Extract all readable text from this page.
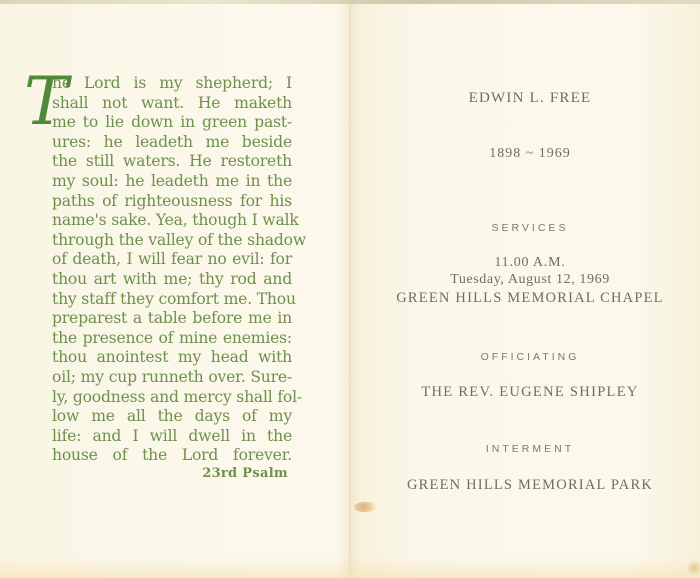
T
he Lord is my shepherd; I
shall not want. He maketh
me to lie down in green past-
ures: he leadeth me beside
the still waters. He restoreth
my soul: he leadeth me in the
paths of righteousness for his
name's sake. Yea, though I walk
through the valley of the shadow
of death, I will fear no evil: for
thou art with me; thy rod and
thy staff they comfort me. Thou
preparest a table before me in
the presence of mine enemies:
thou anointest my head with
oil; my cup runneth over. Sure-
ly, goodness and mercy shall fol-
low me all the days of my
life: and I will dwell in the
house of the Lord forever.
23rd Psalm
EDWIN L. FREE
1898 ~ 1969
SERVICES
11.00 A.M.
Tuesday, August 12, 1969
GREEN HILLS MEMORIAL CHAPEL
OFFICIATING
THE REV. EUGENE SHIPLEY
INTERMENT
GREEN HILLS MEMORIAL PARK
